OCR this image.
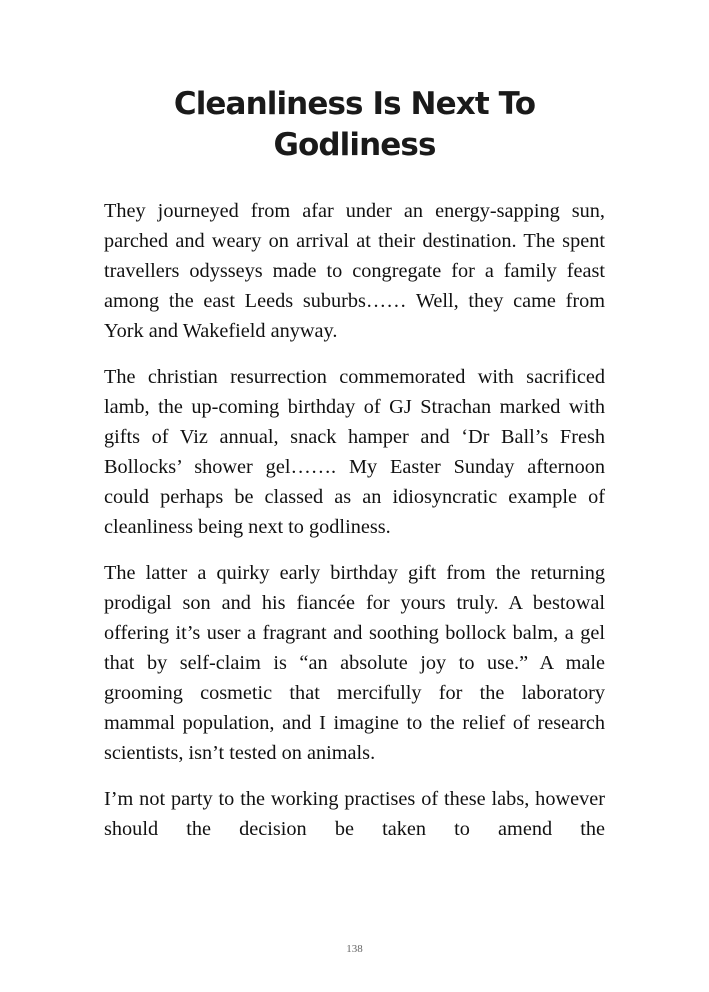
Cleanliness Is Next To
Godliness

They journeyed from afar under an energy-sapping sun, parched and weary on arrival at their destination. The spent travellers odysseys made to congregate for a family feast among the east Leeds suburbs…… Well, they came from York and Wakefield anyway.

The christian resurrection commemorated with sacrificed lamb, the up-coming birthday of GJ Strachan marked with gifts of Viz annual, snack hamper and ‘Dr Ball’s Fresh Bollocks’ shower gel……. My Easter Sunday afternoon could perhaps be classed as an idiosyncratic example of cleanliness being next to godliness.

The latter a quirky early birthday gift from the returning prodigal son and his fiancée for yours truly. A bestowal offering it’s user a fragrant and soothing bollock balm, a gel that by self-claim is “an absolute joy to use.” A male grooming cosmetic that mercifully for the laboratory mammal population, and I imagine to the relief of research scientists, isn’t tested on animals.

I’m not party to the working practises of these labs, however should the decision be taken to amend the

138
